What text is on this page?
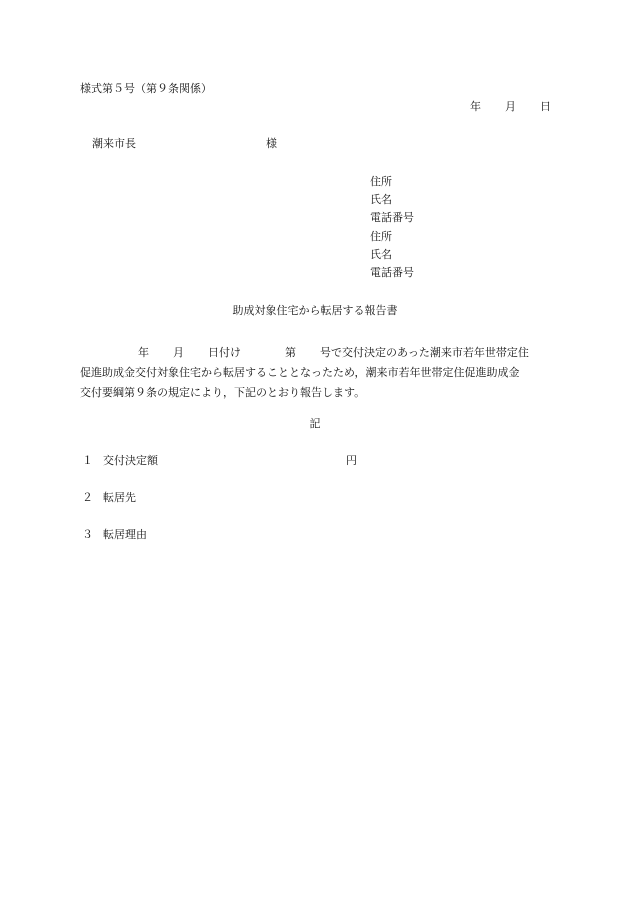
様式第５号（第９条関係）
年 月 日
潮来市長	様
住所
氏名
電話番号
住所
氏名
電話番号
助成対象住宅から転居する報告書
年 月 日付け	第 号で交付決定のあった潮来市若年世帯定住
促進助成金交付対象住宅から転居することとなったため，潮来市若年世帯定住促進助成金
交付要綱第９条の規定により，下記のとおり報告します。
記
１ 交付決定額	円
２ 転居先
３ 転居理由
